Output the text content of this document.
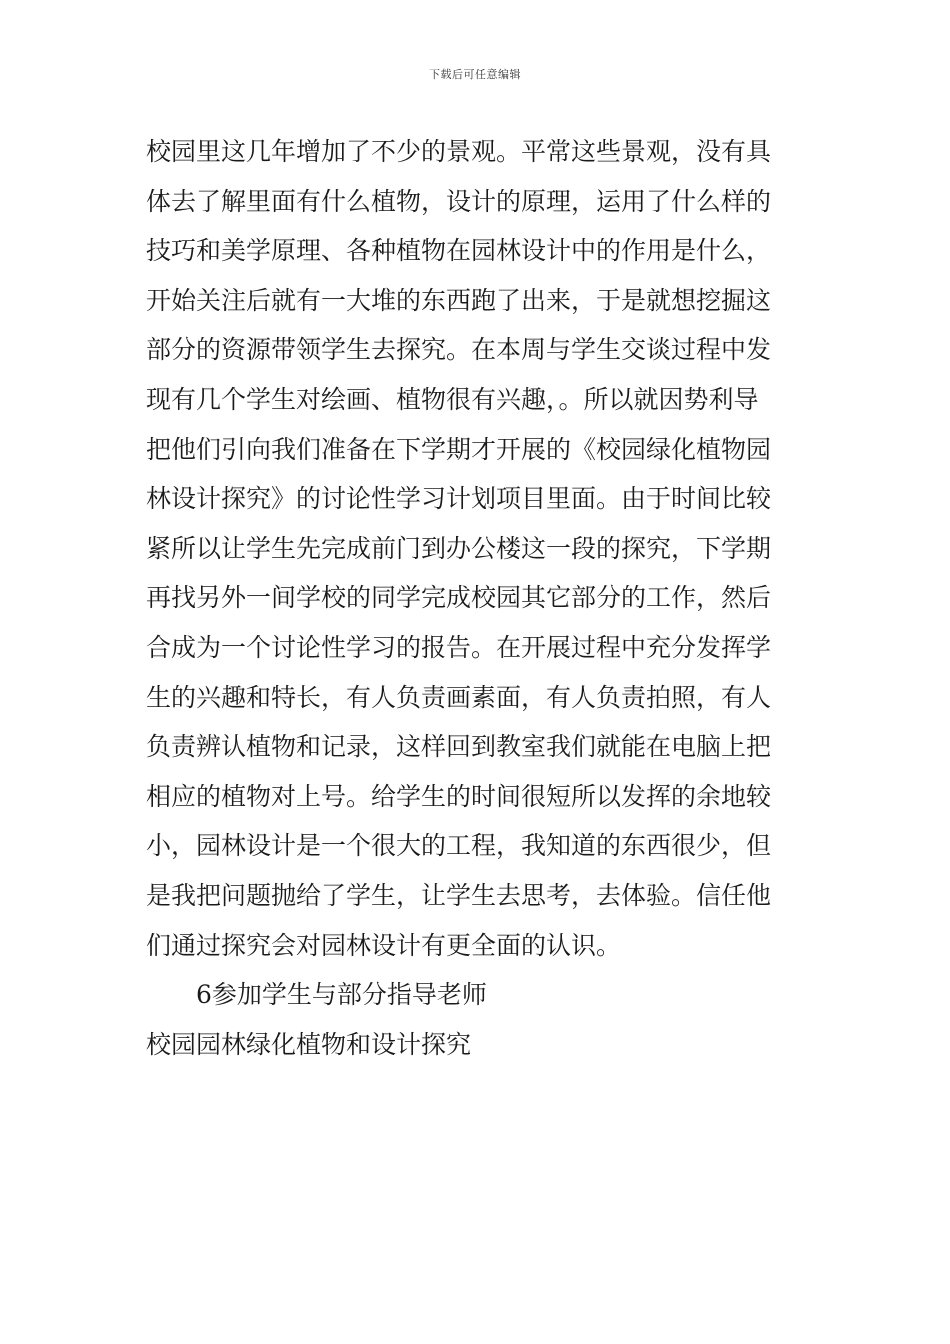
下载后可任意编辑
校园里这几年增加了不少的景观。平常这些景观，没有具
体去了解里面有什么植物，设计的原理，运用了什么样的
技巧和美学原理、各种植物在园林设计中的作用是什么，
开始关注后就有一大堆的东西跑了出来，于是就想挖掘这
部分的资源带领学生去探究。在本周与学生交谈过程中发
现有几个学生对绘画、植物很有兴趣，。所以就因势利导
把他们引向我们准备在下学期才开展的《校园绿化植物园
林设计探究》的讨论性学习计划项目里面。由于时间比较
紧所以让学生先完成前门到办公楼这一段的探究，下学期
再找另外一间学校的同学完成校园其它部分的工作，然后
合成为一个讨论性学习的报告。在开展过程中充分发挥学
生的兴趣和特长，有人负责画素面，有人负责拍照，有人
负责辨认植物和记录，这样回到教室我们就能在电脑上把
相应的植物对上号。给学生的时间很短所以发挥的余地较
小，园林设计是一个很大的工程，我知道的东西很少，但
是我把问题抛给了学生，让学生去思考，去体验。信任他
们通过探究会对园林设计有更全面的认识。
6参加学生与部分指导老师
校园园林绿化植物和设计探究
